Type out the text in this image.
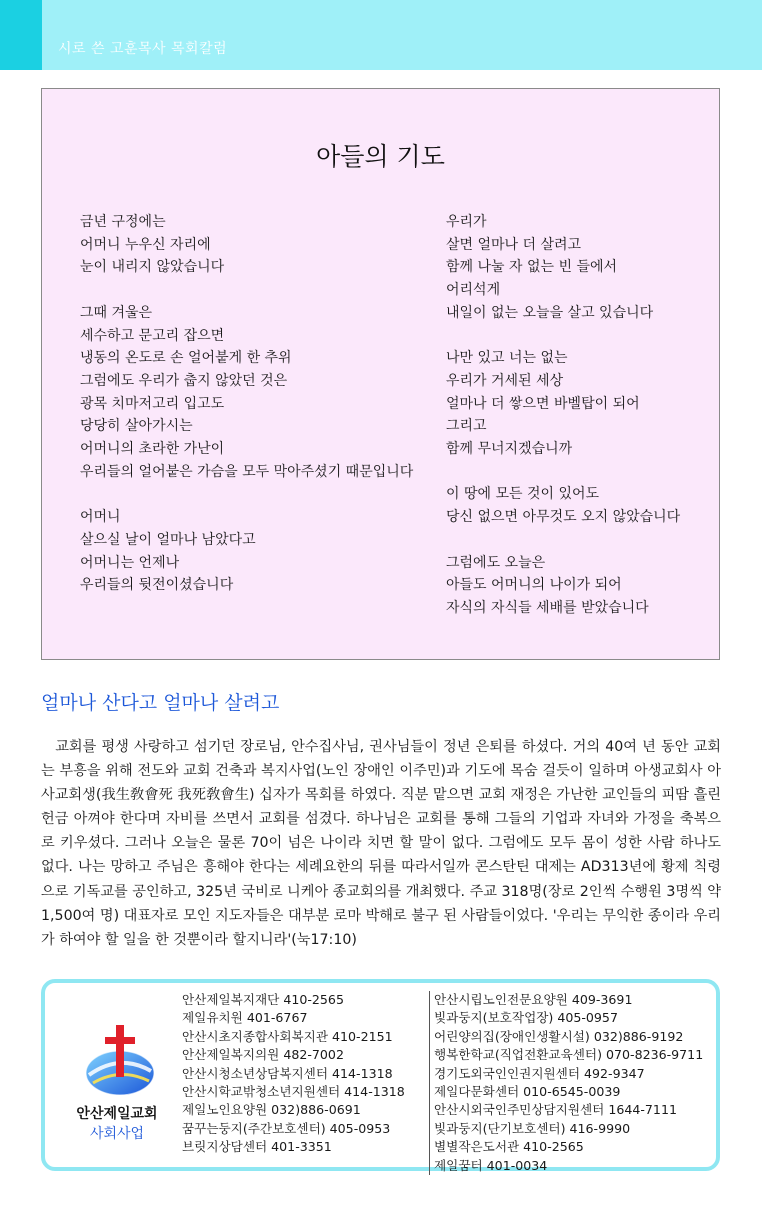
시로 쓴 고훈목사 목회칼럼
아들의 기도
금년 구정에는
어머니 누우신 자리에
눈이 내리지 않았습니다
그때 겨울은
세수하고 문고리 잡으면
냉동의 온도로 손 얼어붙게 한 추위
그럼에도 우리가 춥지 않았던 것은
광목 치마저고리 입고도
당당히 살아가시는
어머니의 초라한 가난이
우리들의 얼어붙은 가슴을 모두 막아주셨기 때문입니다
어머니
살으실 날이 얼마나 남았다고
어머니는 언제나
우리들의 뒷전이셨습니다
우리가
살면 얼마나 더 살려고
함께 나눌 자 없는 빈 들에서
어리석게
내일이 없는 오늘을 살고 있습니다
나만 있고 너는 없는
우리가 거세된 세상
얼마나 더 쌓으면 바벨탑이 되어
그리고
함께 무너지겠습니까
이 땅에 모든 것이 있어도
당신 없으면 아무것도 오지 않았습니다
그럼에도 오늘은
아들도 어머니의 나이가 되어
자식의 자식들 세배를 받았습니다
얼마나 산다고 얼마나 살려고

교회를 평생 사랑하고 섬기던 장로님, 안수집사님, 권사님들이 정년 은퇴를 하셨다. 거의 40여 년 동안 교회는 부흥을 위해 전도와 교회 건축과 복지사업(노인 장애인 이주민)과 기도에 목숨 걸듯이 일하며 아생교회사 아사교회생(我生敎會死 我死敎會生) 십자가 목회를 하였다. 직분 맡으면 교회 재정은 가난한 교인들의 피땀 흘린 헌금 아껴야 한다며 자비를 쓰면서 교회를 섬겼다. 하나님은 교회를 통해 그들의 기업과 자녀와 가정을 축복으로 키우셨다. 그러나 오늘은 물론 70이 넘은 나이라 치면 할 말이 없다. 그럼에도 모두 몸이 성한 사람 하나도 없다. 나는 망하고 주님은 흥해야 한다는 세례요한의 뒤를 따라서일까 콘스탄틴 대제는 AD313년에 황제 칙령으로 기독교를 공인하고, 325년 국비로 니케아 종교회의를 개최했다. 주교 318명(장로 2인씩 수행원 3명씩 약 1,500여 명) 대표자로 모인 지도자들은 대부분 로마 박해로 불구 된 사람들이었다. '우리는 무익한 종이라 우리가 하여야 할 일을 한 것뿐이라 할지니라'(눅17:10)

안산제일교회
사회사업
안산제일복지재단 410-2565
제일유치원 401-6767
안산시초지종합사회복지관 410-2151
안산제일복지의원 482-7002
안산시청소년상담복지센터 414-1318
안산시학교밖청소년지원센터 414-1318
제일노인요양원 032)886-0691
꿈꾸는둥지(주간보호센터) 405-0953
브릿지상담센터 401-3351
안산시립노인전문요양원 409-3691
빛과둥지(보호작업장) 405-0957
어린양의집(장애인생활시설) 032)886-9192
행복한학교(직업전환교육센터) 070-8236-9711
경기도외국인인권지원센터 492-9347
제일다문화센터 010-6545-0039
안산시외국인주민상담지원센터 1644-7111
빛과둥지(단기보호센터) 416-9990
별별작은도서관 410-2565
제일꿈터 401-0034
